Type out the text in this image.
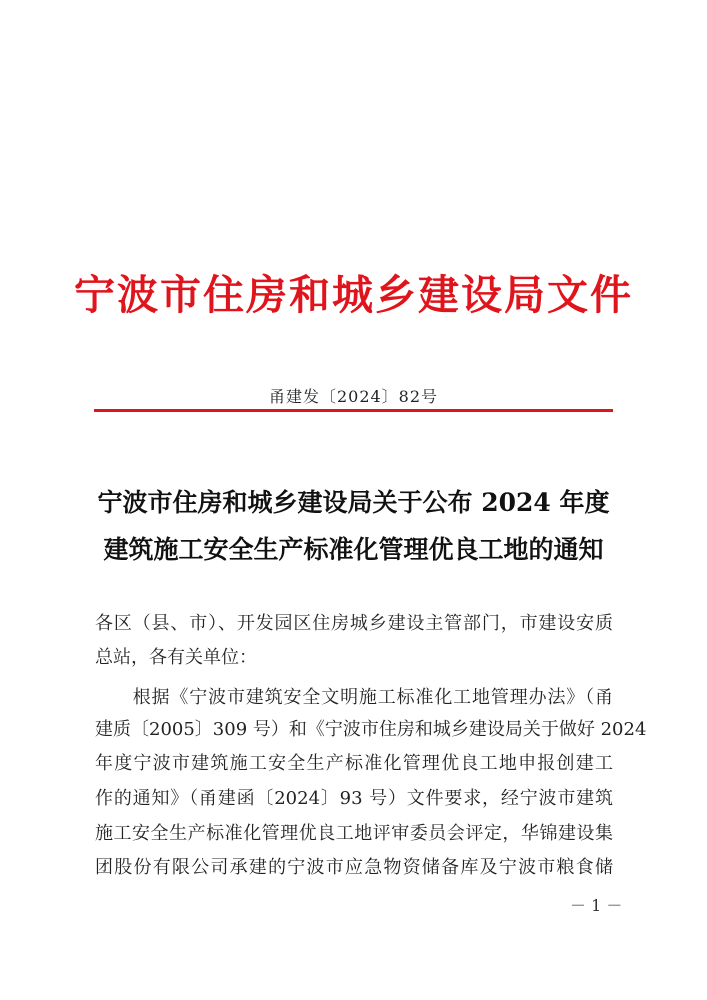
宁波市住房和城乡建设局文件
甬建发〔2024〕82号
宁波市住房和城乡建设局关于公布 2024 年度
建筑施工安全生产标准化管理优良工地的通知
各区（县、市）、开发园区住房城乡建设主管部门，市建设安质
总站，各有关单位：
　　根据《宁波市建筑安全文明施工标准化工地管理办法》（甬
建质〔2005〕309 号）和《宁波市住房和城乡建设局关于做好 2024
年度宁波市建筑施工安全生产标准化管理优良工地申报创建工
作的通知》（甬建函〔2024〕93 号）文件要求，经宁波市建筑
施工安全生产标准化管理优良工地评审委员会评定，华锦建设集
团股份有限公司承建的宁波市应急物资储备库及宁波市粮食储
－ 1 －
